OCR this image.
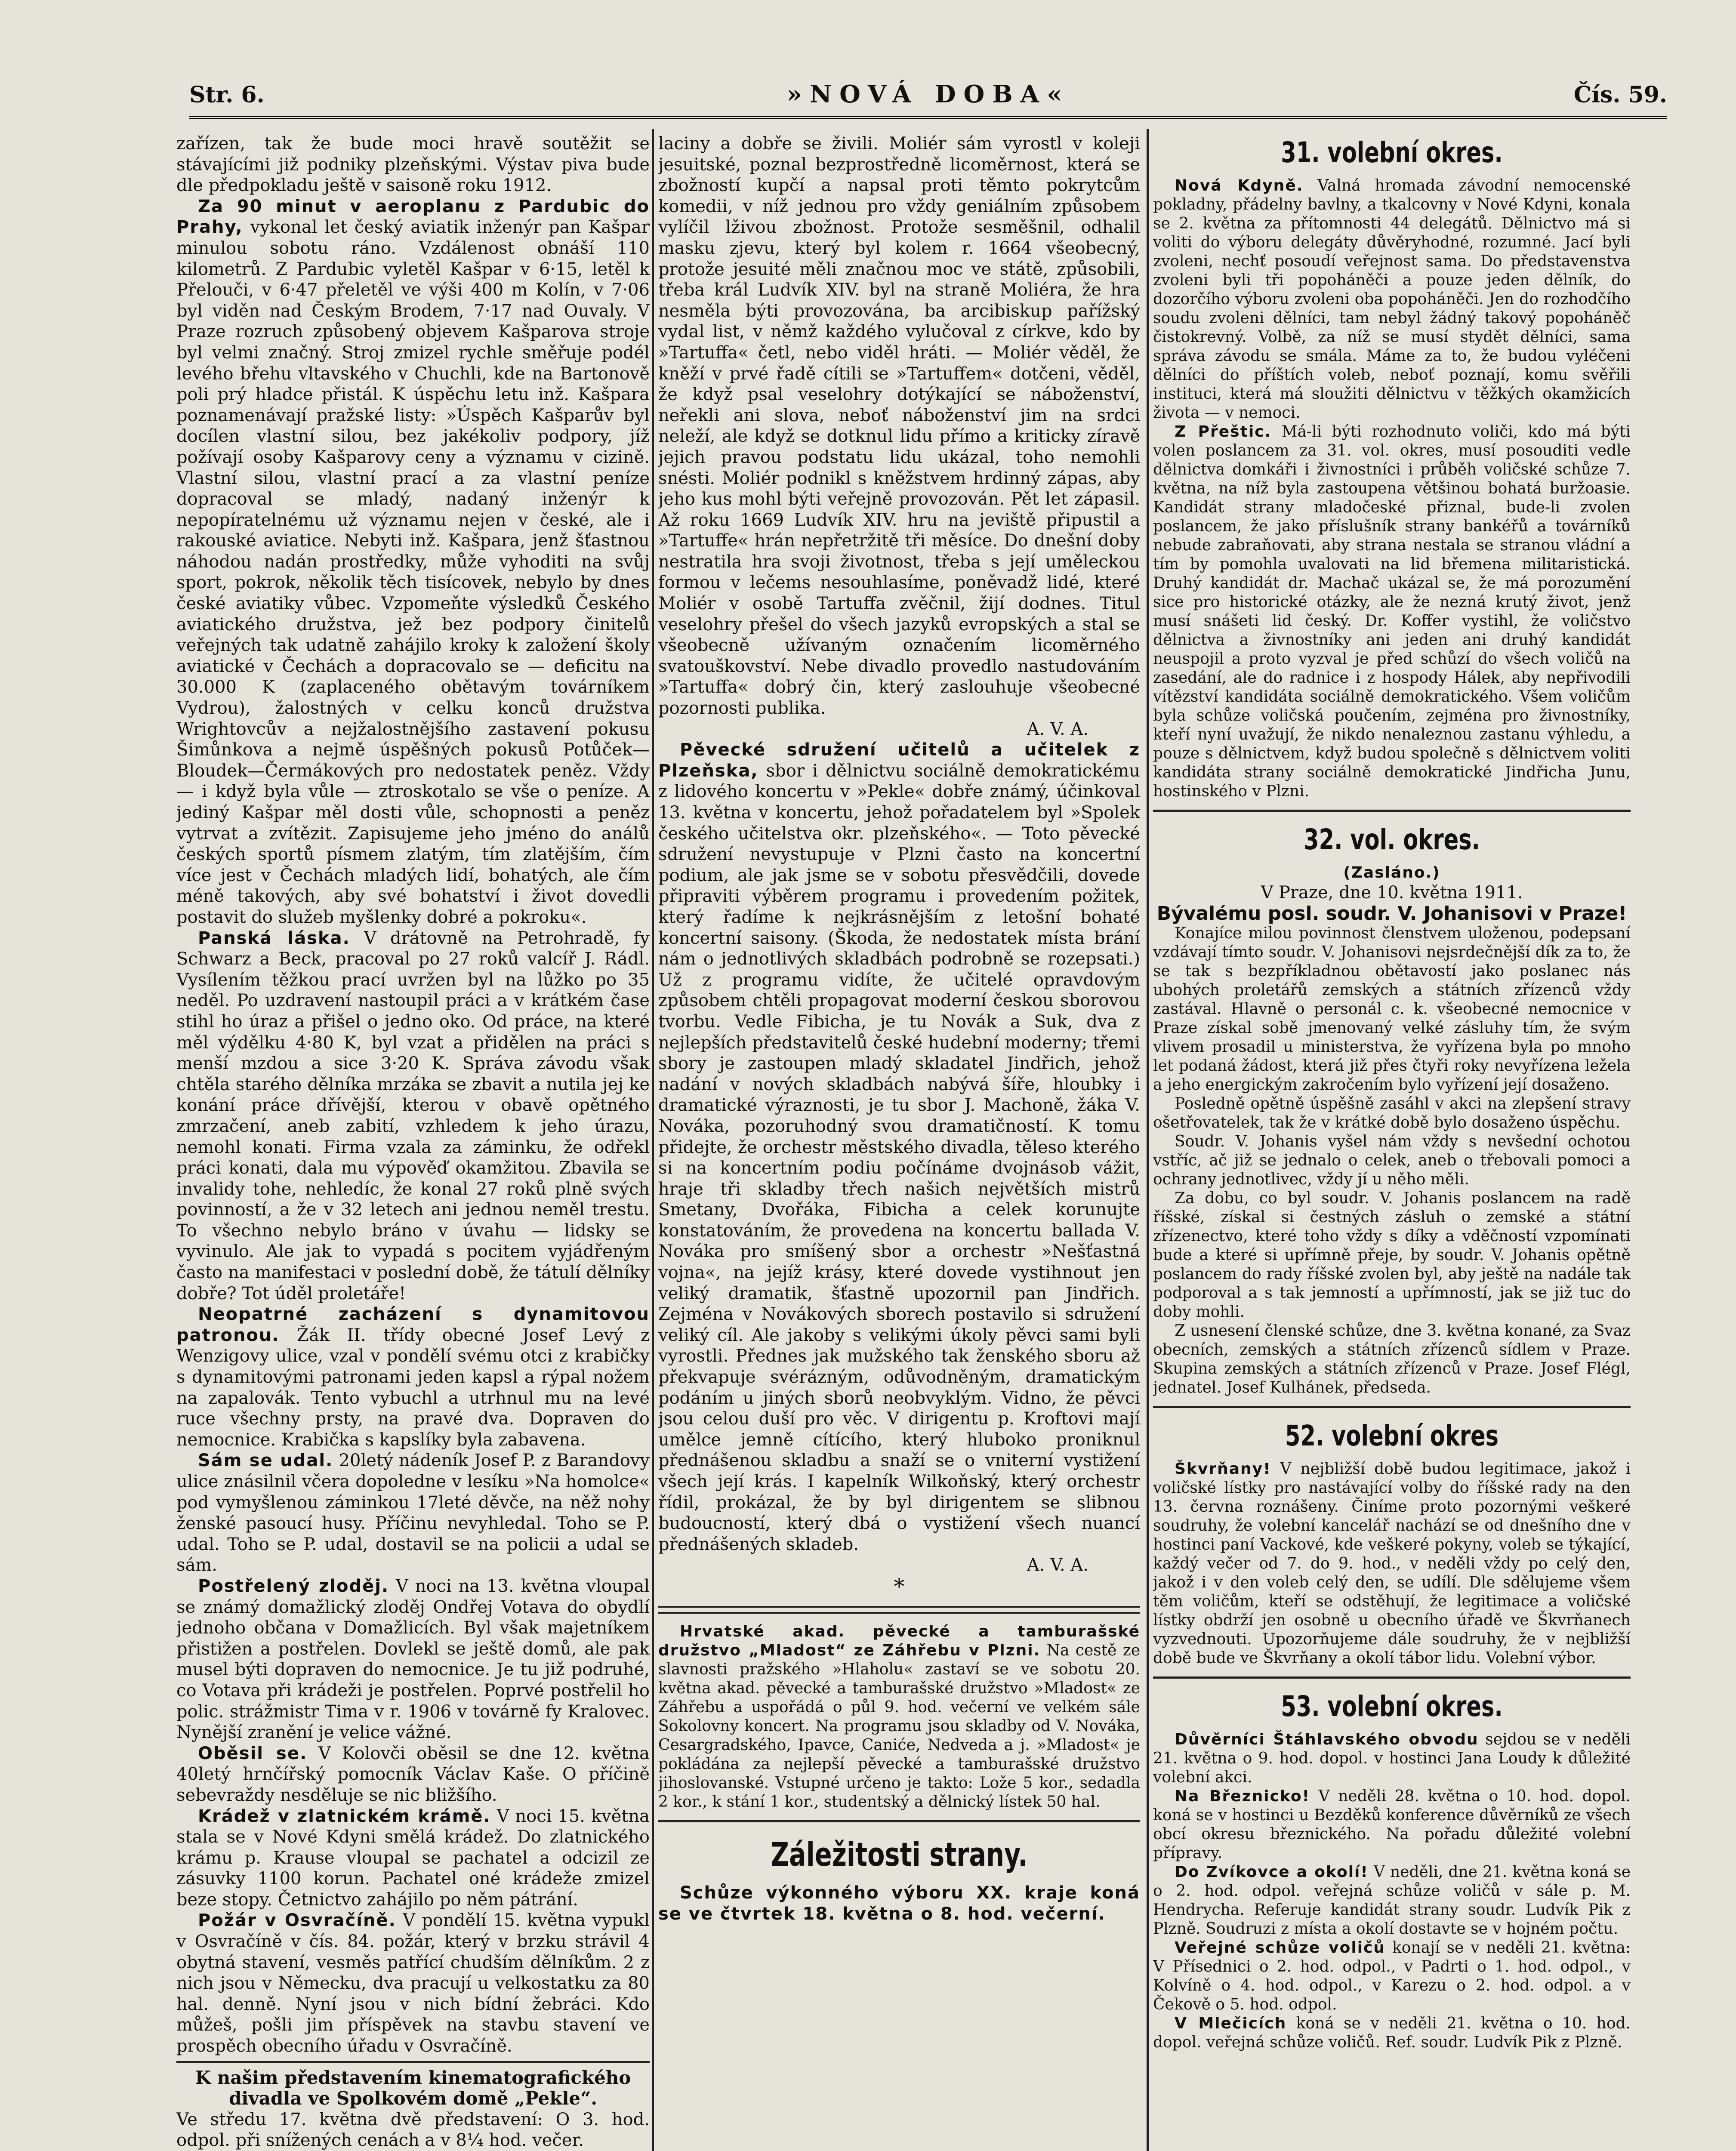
Str. 6.	»NOVÁ DOBA«	Čís. 59.

zařízen, tak že bude moci hravě soutěžit se stávajícími již podniky plzeňskými. Výstav piva bude dle předpokladu ještě v saisoně roku 1912.

Za 90 minut v aeroplanu z Pardubic do Prahy, vykonal let český aviatik inženýr pan Kašpar minulou sobotu ráno. Vzdálenost obnáší 110 kilometrů. Z Pardubic vyletěl Kašpar v 6·15, letěl k Přelouči, v 6·47 přeletěl ve výši 400 m Kolín, v 7·06 byl viděn nad Českým Brodem, 7·17 nad Ouvaly. V Praze rozruch způsobený objevem Kašparova stroje byl velmi značný. Stroj zmizel rychle směřuje podél levého břehu vltavského v Chuchli, kde na Bartonově poli prý hladce přistál. K úspěchu letu inž. Kašpara poznamenávají pražské listy: »Úspěch Kašparův byl docílen vlastní silou, bez jakékoliv podpory, jíž požívají osoby Kašparovy ceny a významu v cizině. Vlastní silou, vlastní prací a za vlastní peníze dopracoval se mladý, nadaný inženýr k nepopíratelnému už významu nejen v české, ale i rakouské aviatice. Nebyti inž. Kašpara, jenž šťastnou náhodou nadán prostředky, může vyhoditi na svůj sport, pokrok, několik těch tisícovek, nebylo by dnes české aviatiky vůbec. Vzpomeňte výsledků Českého aviatického družstva, jež bez podpory činitelů veřejných tak udatně zahájilo kroky k založení školy aviatické v Čechách a dopracovalo se — deficitu na 30.000 K (zaplaceného obětavým továrníkem Vydrou), žalostných v celku konců družstva Wrightovcův a nejžalostnějšího zastavení pokusu Šimůnkova a nejmě úspěšných pokusů Potůček—Bloudek—Čermákových pro nedostatek peněz. Vždy — i když byla vůle — ztroskotalo se vše o peníze. A jediný Kašpar měl dosti vůle, schopnosti a peněz vytrvat a zvítězit. Zapisujeme jeho jméno do análů českých sportů písmem zlatým, tím zlatějším, čím více jest v Čechách mladých lidí, bohatých, ale čím méně takových, aby své bohatství i život dovedli postavit do služeb myšlenky dobré a pokroku«.

Panská láska. V drátovně na Petrohradě, fy Schwarz a Beck, pracoval po 27 roků valcíř J. Rádl. Vysílením těžkou prací uvržen byl na lůžko po 35 neděl. Po uzdravení nastoupil práci a v krátkém čase stihl ho úraz a přišel o jedno oko. Od práce, na které měl výdělku 4·80 K, byl vzat a přidělen na práci s menší mzdou a sice 3·20 K. Správa závodu však chtěla starého dělníka mrzáka se zbavit a nutila jej ke konání práce dřívější, kterou v obavě opětného zmrzačení, aneb zabití, vzhledem k jeho úrazu, nemohl konati. Firma vzala za záminku, že odřekl práci konati, dala mu výpověď okamžitou. Zbavila se invalidy tohe, nehledíc, že konal 27 roků plně svých povinností, a že v 32 letech ani jednou neměl trestu. To všechno nebylo bráno v úvahu — lidsky se vyvinulo. Ale jak to vypadá s pocitem vyjádřeným často na manifestaci v poslední době, že tátulí dělníky dobře? Tot úděl proletáře!

Neopatrné zacházení s dynamitovou patronou. Žák II. třídy obecné Josef Levý z Wenzigovy ulice, vzal v pondělí svému otci z krabičky s dynamitovými patronami jeden kapsl a rýpal nožem na zapalovák. Tento vybuchl a utrhnul mu na levé ruce všechny prsty, na pravé dva. Dopraven do nemocnice. Krabička s kapslíky byla zabavena.

Sám se udal. 20letý nádeník Josef P. z Barandovy ulice znásilnil včera dopoledne v lesíku »Na homolce« pod vymyšlenou záminkou 17leté děvče, na něž nohy ženské pasoucí husy. Příčinu nevyhledal. Toho se P. udal. Toho se P. udal, dostavil se na policii a udal se sám.

Postřelený zloděj. V noci na 13. května vloupal se známý domažlický zloděj Ondřej Votava do obydlí jednoho občana v Domažlicích. Byl však majetníkem přistižen a postřelen. Dovlekl se ještě domů, ale pak musel býti dopraven do nemocnice. Je tu již podruhé, co Votava při krádeži je postřelen. Poprvé postřelil ho polic. strážmistr Tima v r. 1906 v továrně fy Kralovec. Nynější zranění je velice vážné.

Oběsil se. V Kolovči oběsil se dne 12. května 40letý hrnčířský pomocník Václav Kaše. O příčině sebevraždy nesděluje se nic bližšího.

Krádež v zlatnickém krámě. V noci 15. května stala se v Nové Kdyni smělá krádež. Do zlatnického krámu p. Krause vloupal se pachatel a odcizil ze zásuvky 1100 korun. Pachatel oné krádeže zmizel beze stopy. Četnictvo zahájilo po něm pátrání.

Požár v Osvračíně. V pondělí 15. května vypukl v Osvračíně v čís. 84. požár, který v brzku strávil 4 obytná stavení, vesměs patřící chudším dělníkům. 2 z nich jsou v Německu, dva pracují u velkostatku za 80 hal. denně. Nyní jsou v nich bídní žebráci. Kdo můžeš, pošli jim příspěvek na stavbu stavení ve prospěch obecního úřadu v Osvračíně.

K našim představením kinematografického divadla ve Spolkovém domě „Pekle“.

Ve středu 17. května dvě představení: O 3. hod. odpol. při snížených cenách a v 8¼ hod. večer.

laciny a dobře se živili. Moliér sám vyrostl v koleji jesuitské, poznal bezprostředně licoměrnost, která se zbožností kupčí a napsal proti těmto pokrytcům komedii, v níž jednou pro vždy geniálním způsobem vylíčil lživou zbožnost. Protože sesměšnil, odhalil masku zjevu, který byl kolem r. 1664 všeobecný, protože jesuité měli značnou moc ve státě, způsobili, třeba král Ludvík XIV. byl na straně Moliéra, že hra nesměla býti provozována, ba arcibiskup pařížský vydal list, v němž každého vylučoval z církve, kdo by »Tartuffa« četl, nebo viděl hráti. — Moliér věděl, že kněží v prvé řadě cítili se »Tartuffem« dotčeni, věděl, že když psal veselohry dotýkající se náboženství, neřekli ani slova, neboť náboženství jim na srdci neleží, ale když se dotknul lidu přímo a kriticky zíravě jejich pravou podstatu lidu ukázal, toho nemohli snésti. Moliér podnikl s kněžstvem hrdinný zápas, aby jeho kus mohl býti veřejně provozován. Pět let zápasil. Až roku 1669 Ludvík XIV. hru na jeviště připustil a »Tartuffe« hrán nepřetržitě tři měsíce. Do dnešní doby nestratila hra svoji životnost, třeba s její uměleckou formou v lečems nesouhlasíme, poněvadž lidé, které Moliér v osobě Tartuffa zvěčnil, žijí dodnes. Titul veselohry přešel do všech jazyků evropských a stal se všeobecně užívaným označením licoměrného svatouškovství. Nebe divadlo provedlo nastudováním »Tartuffa« dobrý čin, který zaslouhuje všeobecné pozornosti publika.

A. V. A.

Pěvecké sdružení učitelů a učitelek z Plzeňska, sbor i dělnictvu sociálně demokratickému z lidového koncertu v »Pekle« dobře známý, účinkoval 13. května v koncertu, jehož pořadatelem byl »Spolek českého učitelstva okr. plzeňského«. — Toto pěvecké sdružení nevystupuje v Plzni často na koncertní podium, ale jak jsme se v sobotu přesvědčili, dovede připraviti výběrem programu i provedením požitek, který řadíme k nejkrásnějším z letošní bohaté koncertní saisony. (Škoda, že nedostatek místa brání nám o jednotlivých skladbách podrobně se rozepsati.) Už z programu vidíte, že učitelé opravdovým způsobem chtěli propagovat moderní českou sborovou tvorbu. Vedle Fibicha, je tu Novák a Suk, dva z nejlepších představitelů české hudební moderny; třemi sbory je zastoupen mladý skladatel Jindřich, jehož nadání v nových skladbách nabývá šíře, hloubky i dramatické výraznosti, je tu sbor J. Machoně, žáka V. Nováka, pozoruhodný svou dramatičností. K tomu přidejte, že orchestr městského divadla, těleso kterého si na koncertním podiu počínáme dvojnásob vážit, hraje tři skladby třech našich největších mistrů Smetany, Dvořáka, Fibicha a celek korunujte konstatováním, že provedena na koncertu ballada V. Nováka pro smíšený sbor a orchestr »Nešťastná vojna«, na jejíž krásy, které dovede vystihnout jen veliký dramatik, šťastně upozornil pan Jindřich. Zejména v Novákových sborech postavilo si sdružení veliký cíl. Ale jakoby s velikými úkoly pěvci sami byli vyrostli. Přednes jak mužského tak ženského sboru až překvapuje svérázným, odůvodněným, dramatickým podáním u jiných sborů neobvyklým. Vidno, že pěvci jsou celou duší pro věc. V dirigentu p. Kroftovi mají umělce jemně cítícího, který hluboko proniknul přednášenou skladbu a snaží se o vniterní vystižení všech její krás. I kapelník Wilkoňský, který orchestr řídil, prokázal, že by byl dirigentem se slibnou budoucností, který dbá o vystižení všech nuancí přednášených skladeb.

A. V. A.

*

Hrvatské akad. pěvecké a tamburašské družstvo „Mladost“ ze Záhřebu v Plzni. Na cestě ze slavnosti pražského »Hlaholu« zastaví se ve sobotu 20. května akad. pěvecké a tamburašské družstvo »Mladost« ze Záhřebu a uspořádá o půl 9. hod. večerní ve velkém sále Sokolovny koncert. Na programu jsou skladby od V. Nováka, Cesargradského, Ipavce, Caniće, Nedveda a j. »Mladost« je pokládána za nejlepší pěvecké a tamburašské družstvo jihoslovanské. Vstupné určeno je takto: Lože 5 kor., sedadla 2 kor., k stání 1 kor., studentský a dělnický lístek 50 hal.

Záležitosti strany.

Schůze výkonného výboru XX. kraje koná se ve čtvrtek 18. května o 8. hod. večerní.

31. volební okres.

Nová Kdyně. Valná hromada závodní nemocenské pokladny, přádelny bavlny, a tkalcovny v Nové Kdyni, konala se 2. května za přítomnosti 44 delegátů. Dělnictvo má si voliti do výboru delegáty důvěryhodné, rozumné. Jací byli zvoleni, nechť posoudí veřejnost sama. Do představenstva zvoleni byli tři popoháněči a pouze jeden dělník, do dozorčího výboru zvoleni oba popoháněči. Jen do rozhodčího soudu zvoleni dělníci, tam nebyl žádný takový popoháněč čistokrevný. Volbě, za níž se musí stydět dělníci, sama správa závodu se smála. Máme za to, že budou vyléčeni dělníci do příštích voleb, neboť poznají, komu svěřili instituci, která má sloužiti dělnictvu v těžkých okamžicích života — v nemoci.

Z Přeštic. Má-li býti rozhodnuto voliči, kdo má býti volen poslancem za 31. vol. okres, musí posouditi vedle dělnictva domkáři i živnostníci i průběh voličské schůze 7. května, na níž byla zastoupena většinou bohatá buržoasie. Kandidát strany mladočeské přiznal, bude-li zvolen poslancem, že jako příslušník strany bankéřů a továrníků nebude zabraňovati, aby strana nestala se stranou vládní a tím by pomohla uvalovati na lid břemena militaristická. Druhý kandidát dr. Machač ukázal se, že má porozumění sice pro historické otázky, ale že nezná krutý život, jenž musí snášeti lid český. Dr. Koffer vystihl, že voličstvo dělnictva a živnostníky ani jeden ani druhý kandidát neuspojil a proto vyzval je před schůzí do všech voličů na zasedání, ale do radnice i z hospody Hálek, aby nepřivodili vítězství kandidáta sociálně demokratického. Všem voličům byla schůze voličská poučením, zejména pro živnostníky, kteří nyní uvažují, že nikdo nenaleznou zastanu výhledu, a pouze s dělnictvem, když budou společně s dělnictvem voliti kandidáta strany sociálně demokratické Jindřicha Junu, hostinského v Plzni.

32. vol. okres.

(Zasláno.)

V Praze, dne 10. května 1911.

Bývalému posl. soudr. V. Johanisovi v Praze!

Konajíce milou povinnost členstvem uloženou, podepsaní vzdávají tímto soudr. V. Johanisovi nejsrdečnější dík za to, že se tak s bezpříkladnou obětavostí jako poslanec nás ubohých proletářů zemských a státních zřízenců vždy zastával. Hlavně o personál c. k. všeobecné nemocnice v Praze získal sobě jmenovaný velké zásluhy tím, že svým vlivem prosadil u ministerstva, že vyřízena byla po mnoho let podaná žádost, která již přes čtyři roky nevyřízena ležela a jeho energickým zakročením bylo vyřízení její dosaženo.

Posledně opětně úspěšně zasáhl v akci na zlepšení stravy ošetřovatelek, tak že v krátké době bylo dosaženo úspěchu.

Soudr. V. Johanis vyšel nám vždy s nevšední ochotou vstříc, ač již se jednalo o celek, aneb o třebovali pomoci a ochrany jednotlivec, vždy jí u něho měli.

Za dobu, co byl soudr. V. Johanis poslancem na radě říšské, získal si čestných zásluh o zemské a státní zřízenectvo, které toho vždy s díky a vděčností vzpomínati bude a které si upřímně přeje, by soudr. V. Johanis opětně poslancem do rady říšské zvolen byl, aby ještě na nadále tak podporoval a s tak jemností a upřímností, jak se již tuc do doby mohli.

Z usnesení členské schůze, dne 3. května konané, za Svaz obecních, zemských a státních zřízenců sídlem v Praze. Skupina zemských a státních zřízenců v Praze. Josef Flégl, jednatel. Josef Kulhánek, předseda.

52. volební okres

Škvrňany! V nejbližší době budou legitimace, jakož i voličské lístky pro nastávající volby do říšské rady na den 13. června roznášeny. Činíme proto pozornými veškeré soudruhy, že volební kancelář nachází se od dnešního dne v hostinci paní Vackové, kde veškeré pokyny, voleb se týkající, každý večer od 7. do 9. hod., v neděli vždy po celý den, jakož i v den voleb celý den, se udílí. Dle sdělujeme všem těm voličům, kteří se odstěhují, že legitimace a voličské lístky obdrží jen osobně u obecního úřadě ve Škvrňanech vyzvednouti. Upozorňujeme dále soudruhy, že v nejbližší době bude ve Škvrňany a okolí tábor lidu. Volební výbor.

53. volební okres.

Důvěrníci Štáhlavského obvodu sejdou se v neděli 21. května o 9. hod. dopol. v hostinci Jana Loudy k důležité volební akci.

Na Březnicko! V neděli 28. května o 10. hod. dopol. koná se v hostinci u Bezděků konference důvěrníků ze všech obcí okresu březnického. Na pořadu důležité volební přípravy.

Do Zvíkovce a okolí! V neděli, dne 21. května koná se o 2. hod. odpol. veřejná schůze voličů v sále p. M. Hendrycha. Referuje kandidát strany soudr. Ludvík Pik z Plzně. Soudruzi z místa a okolí dostavte se v hojném počtu.

Veřejné schůze voličů konají se v neděli 21. května: V Přísednici o 2. hod. odpol., v Padrti o 1. hod. odpol., v Kolvíně o 4. hod. odpol., v Karezu o 2. hod. odpol. a v Čekově o 5. hod. odpol.

V Mlečicích koná se v neděli 21. května o 10. hod. dopol. veřejná schůze voličů. Ref. soudr. Ludvík Pik z Plzně.
